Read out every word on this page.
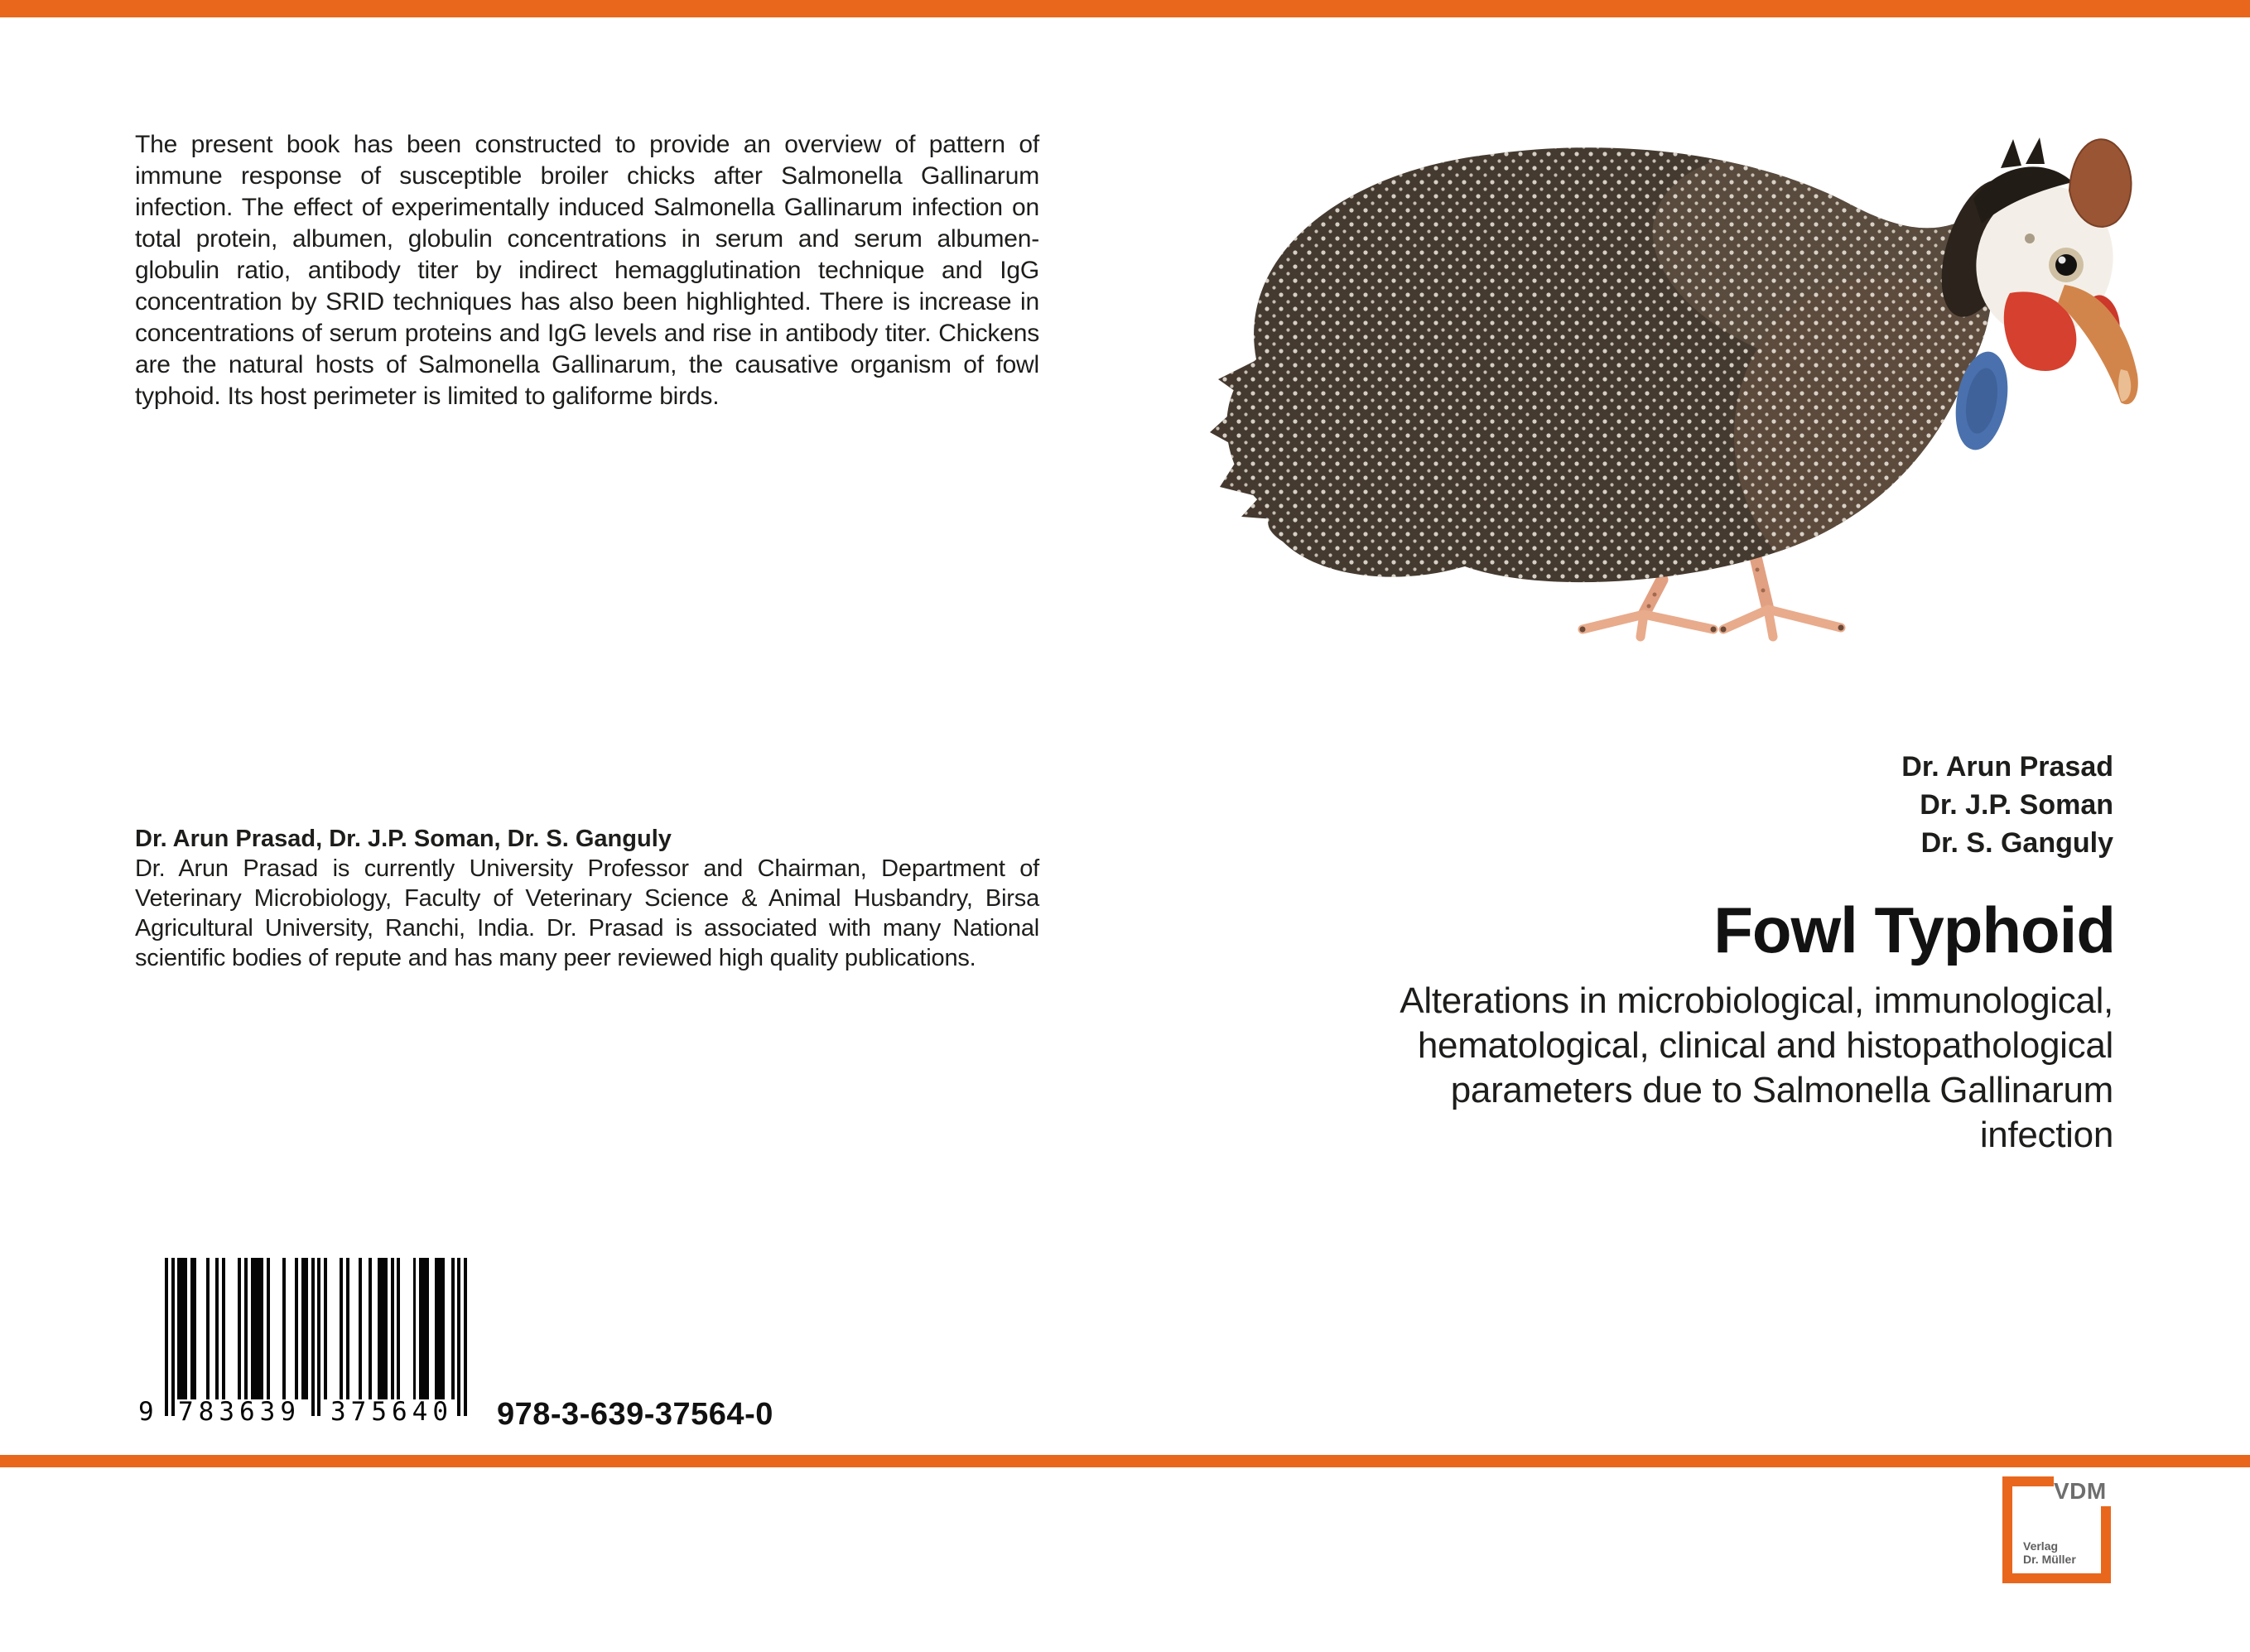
The present book has been constructed to provide an overview of pattern of immune response of susceptible broiler chicks after Salmonella Gallinarum infection. The effect of experimentally induced Salmonella Gallinarum infection on total protein, albumen, globulin concentrations in serum and serum albumen-globulin ratio, antibody titer by indirect hemagglutination technique and IgG concentration by SRID techniques has also been highlighted. There is increase in concentrations of serum proteins and IgG levels and rise in antibody titer. Chickens are the natural hosts of Salmonella Gallinarum, the causative organism of fowl typhoid. Its host perimeter is limited to galiforme birds.
Dr. Arun Prasad, Dr. J.P. Soman, Dr. S. Ganguly
Dr. Arun Prasad is currently University Professor and Chairman, Department of Veterinary Microbiology, Faculty of Veterinary Science & Animal Husbandry, Birsa Agricultural University, Ranchi, India. Dr. Prasad is associated with many National scientific bodies of repute and has many peer reviewed high quality publications.
Dr. Arun Prasad
Dr. J.P. Soman
Dr. S. Ganguly
Fowl Typhoid
Alterations in microbiological, immunological,
hematological, clinical and histopathological
parameters due to Salmonella Gallinarum
infection
9 783639 375640 978-3-639-37564-0
VDM
Verlag
Dr. Müller
